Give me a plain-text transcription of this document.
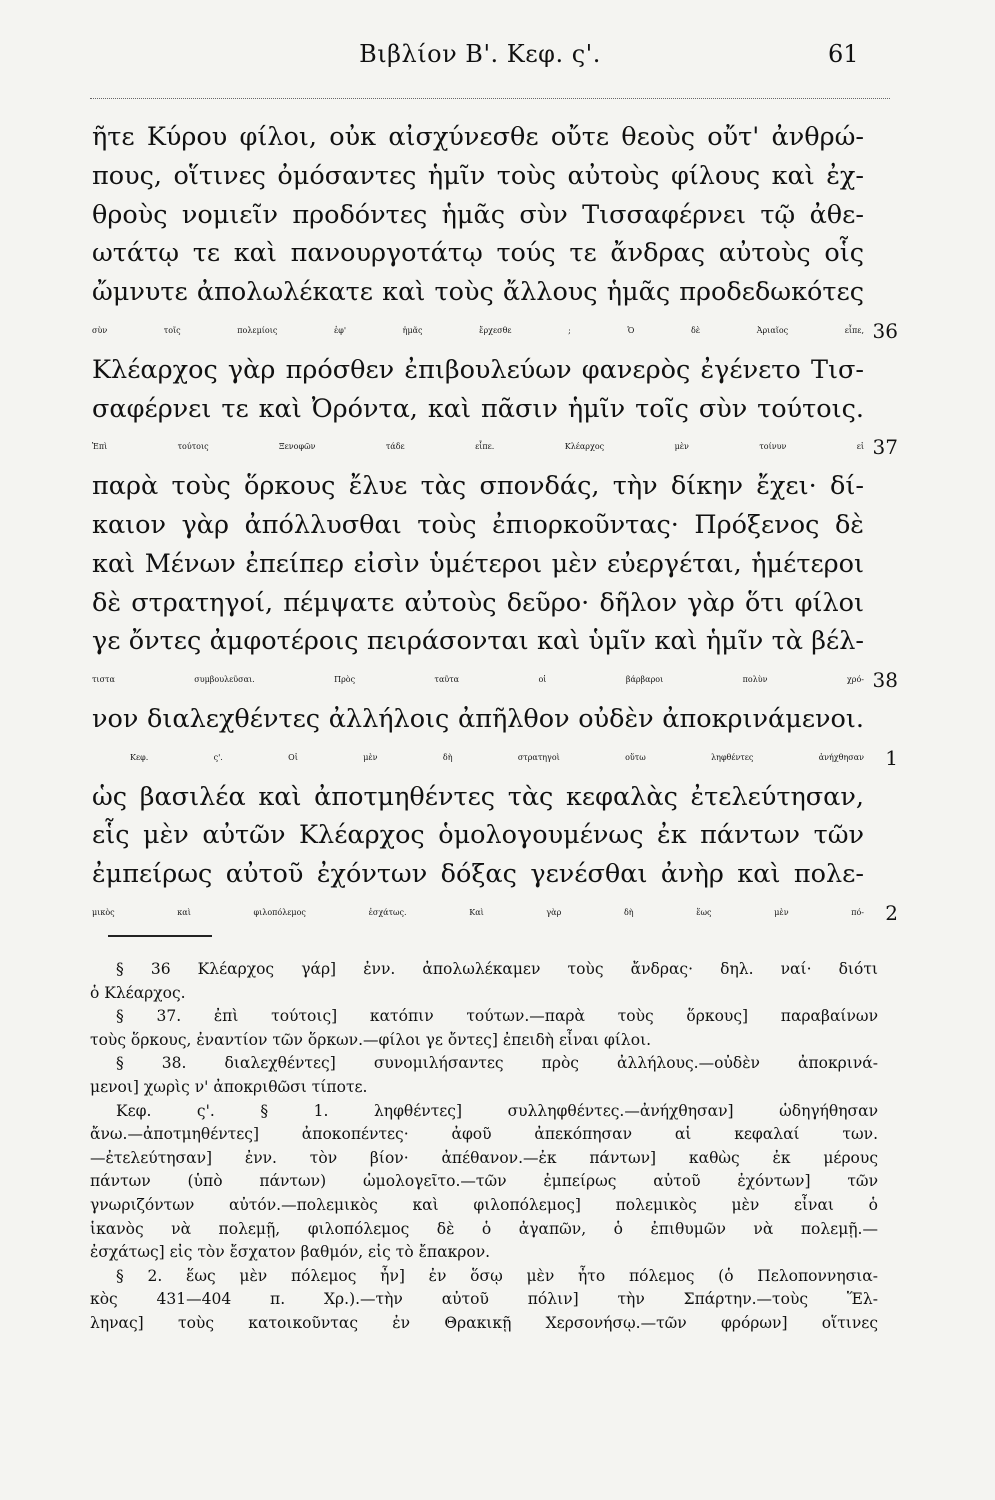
Βιβλίον Β'. Κεφ. ς'.	61
ῆτε Κύρου φίλοι, οὐκ αἰσχύνεσθε οὔτε θεοὺς οὔτ' ἀνθρώ-
πους, οἵτινες ὀμόσαντες ἡμῖν τοὺς αὐτοὺς φίλους καὶ ἐχ-
θροὺς νομιεῖν προδόντες ἡμᾶς σὺν Τισσαφέρνει τῷ ἀθε-
ωτάτῳ τε καὶ πανουργοτάτῳ τούς τε ἄνδρας αὐτοὺς οἷς
ὤμνυτε ἀπολωλέκατε καὶ τοὺς ἄλλους ἡμᾶς προδεδωκότες
σὺν τοῖς πολεμίοις ἐφ' ἡμᾶς ἔρχεσθε ; Ὁ δὲ Ἀριαῖος εἶπε, 36
Κλέαρχος γὰρ πρόσθεν ἐπιβουλεύων φανερὸς ἐγένετο Τισ-
σαφέρνει τε καὶ Ὀρόντα, καὶ πᾶσιν ἡμῖν τοῖς σὺν τούτοις.
Ἐπὶ τούτοις Ξενοφῶν τάδε εἶπε. Κλέαρχος μὲν τοίνυν εἰ 37
παρὰ τοὺς ὅρκους ἔλυε τὰς σπονδάς, τὴν δίκην ἔχει· δί-
καιον γὰρ ἀπόλλυσθαι τοὺς ἐπιορκοῦντας· Πρόξενος δὲ
καὶ Μένων ἐπείπερ εἰσὶν ὑμέτεροι μὲν εὐεργέται, ἡμέτεροι
δὲ στρατηγοί, πέμψατε αὐτοὺς δεῦρο· δῆλον γὰρ ὅτι φίλοι
γε ὄντες ἀμφοτέροις πειράσονται καὶ ὑμῖν καὶ ἡμῖν τὰ βέλ-
τιστα συμβουλεῦσαι. Πρὸς ταῦτα οἱ βάρβαροι πολὺν χρό- 38
νον διαλεχθέντες ἀλλήλοις ἀπῆλθον οὐδὲν ἀποκρινάμενοι.
Κεφ. ς'. Οἱ μὲν δὴ στρατηγοὶ οὕτω ληφθέντες ἀνήχθησαν 1
ὡς βασιλέα καὶ ἀποτμηθέντες τὰς κεφαλὰς ἐτελεύτησαν,
εἷς μὲν αὐτῶν Κλέαρχος ὁμολογουμένως ἐκ πάντων τῶν
ἐμπείρως αὐτοῦ ἐχόντων δόξας γενέσθαι ἀνὴρ καὶ πολε-
μικὸς καὶ φιλοπόλεμος ἐσχάτως. Καὶ γὰρ δὴ ἕως μὲν πό- 2
§ 36 Κλέαρχος γάρ] ἐνν. ἀπολωλέκαμεν τοὺς ἄνδρας· δηλ. ναί· διότι
ὁ Κλέαρχος.
§ 37. ἐπὶ τούτοις] κατόπιν τούτων.—παρὰ τοὺς ὅρκους] παραβαίνων
τοὺς ὅρκους, ἐναντίον τῶν ὅρκων.—φίλοι γε ὄντες] ἐπειδὴ εἶναι φίλοι.
§ 38. διαλεχθέντες] συνομιλήσαντες πρὸς ἀλλήλους.—οὐδὲν ἀποκρινά-
μενοι] χωρὶς ν' ἀποκριθῶσι τίποτε.
Κεφ. ς'. § 1. ληφθέντες] συλληφθέντες.—ἀνήχθησαν] ὡδηγήθησαν
ἄνω.—ἀποτμηθέντες] ἀποκοπέντες· ἀφοῦ ἀπεκόπησαν αἱ κεφαλαί των.
—ἐτελεύτησαν] ἐνν. τὸν βίον· ἀπέθανον.—ἐκ πάντων] καθὼς ἐκ μέρους
πάντων (ὑπὸ πάντων) ὡμολογεῖτο.—τῶν ἐμπείρως αὐτοῦ ἐχόντων] τῶν
γνωριζόντων αὐτόν.—πολεμικὸς καὶ φιλοπόλεμος] πολεμικὸς μὲν εἶναι ὁ
ἱκανὸς νὰ πολεμῇ, φιλοπόλεμος δὲ ὁ ἀγαπῶν, ὁ ἐπιθυμῶν νὰ πολεμῇ.—
ἐσχάτως] εἰς τὸν ἔσχατον βαθμόν, εἰς τὸ ἔπακρον.
§ 2. ἕως μὲν πόλεμος ἦν] ἐν ὅσῳ μὲν ἦτο πόλεμος (ὁ Πελοποννησια-
κὸς 431—404 π. Χρ.).—τὴν αὐτοῦ πόλιν] τὴν Σπάρτην.—τοὺς Ἕλ-
ληνας] τοὺς κατοικοῦντας ἐν Θρακικῇ Χερσονήσῳ.—τῶν φρόρων] οἵτινες
